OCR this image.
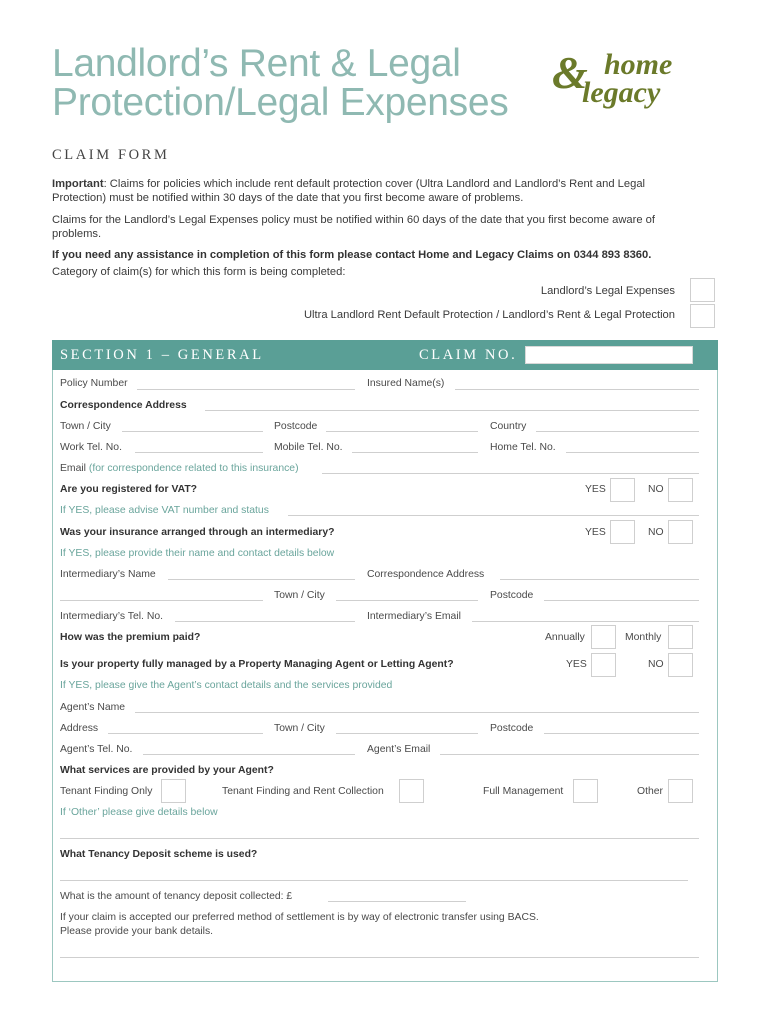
Landlord’s Rent & Legal
Protection/Legal Expenses
& home
legacy
CLAIM FORM
Important: Claims for policies which include rent default protection cover (Ultra Landlord and Landlord’s Rent and Legal Protection) must be notified within 30 days of the date that you first become aware of problems.
Claims for the Landlord’s Legal Expenses policy must be notified within 60 days of the date that you first become aware of problems.
If you need any assistance in completion of this form please contact Home and Legacy Claims on 0344 893 8360.
Category of claim(s) for which this form is being completed:
Landlord’s Legal Expenses
Ultra Landlord Rent Default Protection / Landlord’s Rent & Legal Protection
SECTION 1 – GENERAL	CLAIM NO.
Policy Number	Insured Name(s)
Correspondence Address
Town / City	Postcode	Country
Work Tel. No.	Mobile Tel. No.	Home Tel. No.
Email (for correspondence related to this insurance)
Are you registered for VAT?	YES	NO
If YES, please advise VAT number and status
Was your insurance arranged through an intermediary?	YES	NO
If YES, please provide their name and contact details below
Intermediary’s Name	Correspondence Address
Town / City	Postcode
Intermediary’s Tel. No.	Intermediary’s Email
How was the premium paid?	Annually	Monthly
Is your property fully managed by a Property Managing Agent or Letting Agent?	YES	NO
If YES, please give the Agent’s contact details and the services provided
Agent’s Name
Address	Town / City	Postcode
Agent’s Tel. No.	Agent’s Email
What services are provided by your Agent?
Tenant Finding Only	Tenant Finding and Rent Collection	Full Management	Other
If ‘Other’ please give details below
What Tenancy Deposit scheme is used?
What is the amount of tenancy deposit collected: £
If your claim is accepted our preferred method of settlement is by way of electronic transfer using BACS.
Please provide your bank details.
